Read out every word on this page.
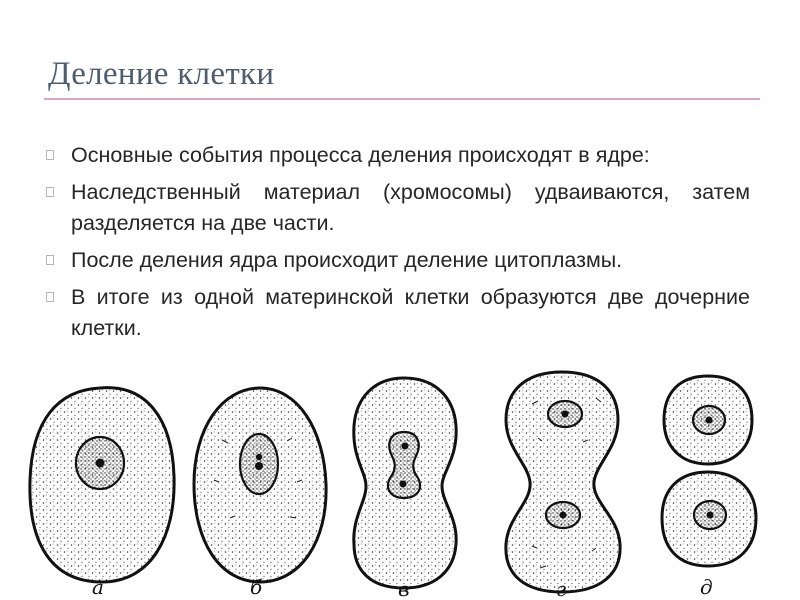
Деление клетки
Основные события процесса деления происходят в ядре:
Наследственный материал (хромосомы) удваиваются, затем разделяется на две части.
После деления ядра происходит деление цитоплазмы.
В итоге из одной материнской клетки образуются две дочерние клетки.
а	б	в	г	д
